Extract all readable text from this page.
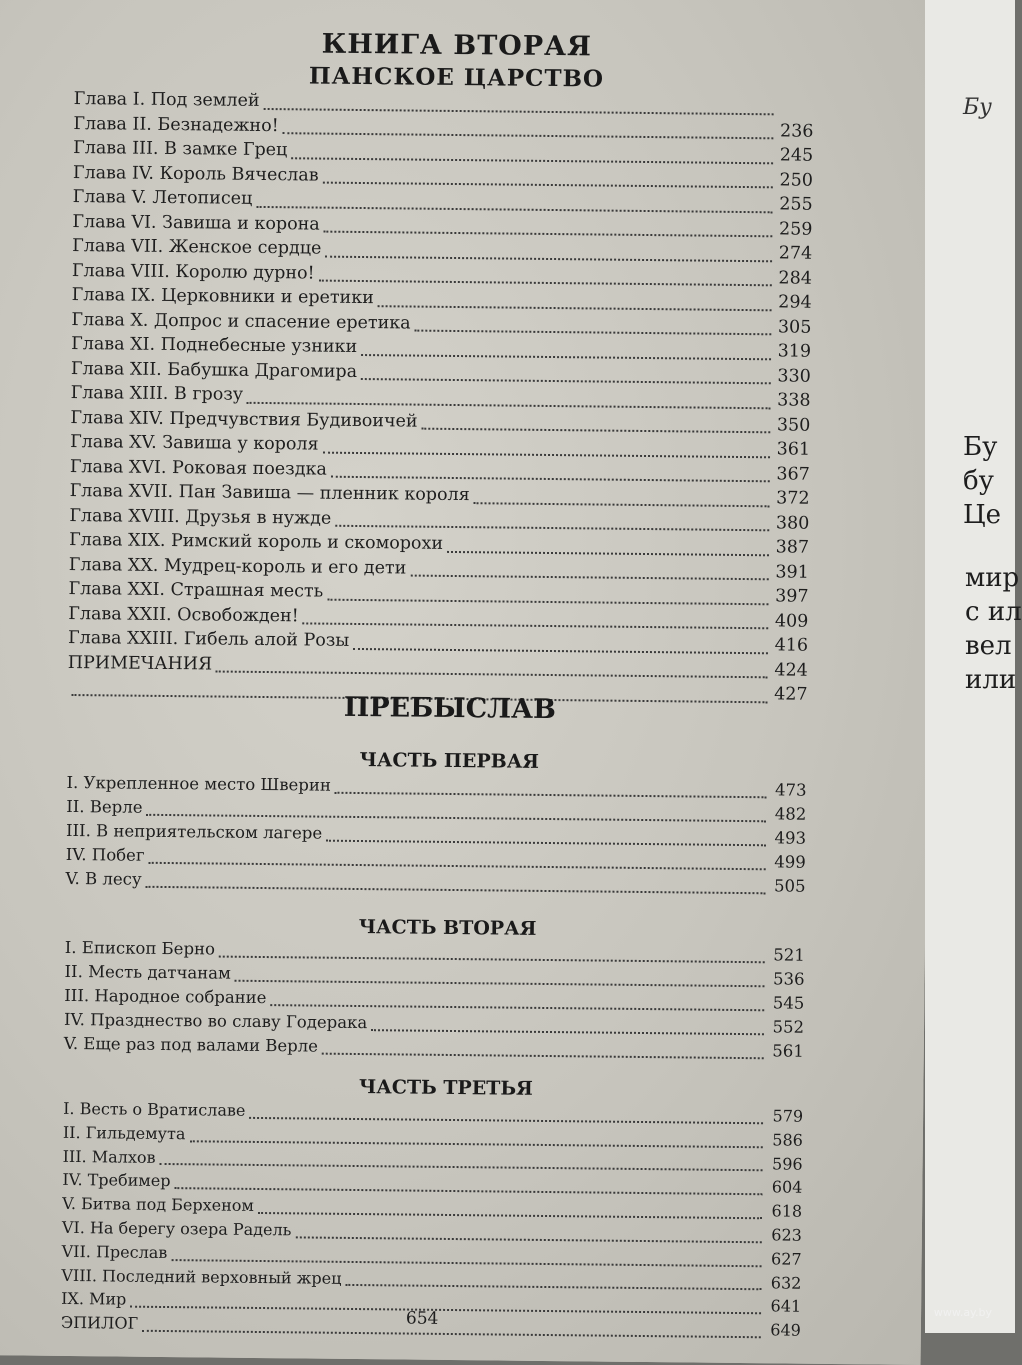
КНИГА ВТОРАЯ
ПАНСКОЕ ЦАРСТВО
Глава I. Под землей
Глава II. Безнадежно!	236
Глава III. В замке Грец	245
Глава IV. Король Вячеслав	250
Глава V. Летописец	255
Глава VI. Завиша и корона	259
Глава VII. Женское сердце	274
Глава VIII. Королю дурно!	284
Глава IX. Церковники и еретики	294
Глава X. Допрос и спасение еретика	305
Глава XI. Поднебесные узники	319
Глава XII. Бабушка Драгомира	330
Глава XIII. В грозу	338
Глава XIV. Предчувствия Будивоичей	350
Глава XV. Завиша у короля	361
Глава XVI. Роковая поездка	367
Глава XVII. Пан Завиша — пленник короля	372
Глава XVIII. Друзья в нужде	380
Глава XIX. Римский король и скоморохи	387
Глава XX. Мудрец-король и его дети	391
Глава XXI. Страшная месть	397
Глава XXII. Освобожден!	409
Глава XXIII. Гибель алой Розы	416
ПРИМЕЧАНИЯ	424
427
ПРЕБЫСЛАВ
ЧАСТЬ ПЕРВАЯ
I. Укрепленное место Шверин	473
II. Верле	482
III. В неприятельском лагере	493
IV. Побег	499
V. В лесу	505
ЧАСТЬ ВТОРАЯ
I. Епископ Берно	521
II. Месть датчанам	536
III. Народное собрание	545
IV. Празднество во славу Годерака	552
V. Еще раз под валами Верле	561
ЧАСТЬ ТРЕТЬЯ
I. Весть о Вратиславе	579
II. Гильдемута	586
III. Малхов	596
IV. Требимер	604
V. Битва под Берхеном	618
VI. На берегу озера Радель	623
VII. Преслав	627
VIII. Последний верховный жрец	632
IX. Мир	641
ЭПИЛОГ	649
654
Бу
Бу
бу
Це
мир
с ил
вел
или
www.ay.by
